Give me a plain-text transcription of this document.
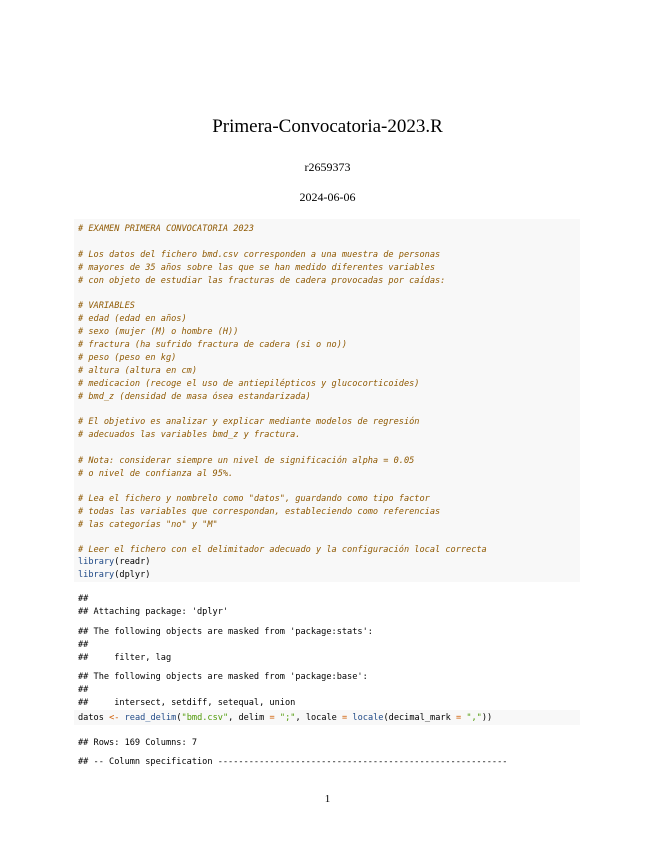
Primera-Convocatoria-2023.R
r2659373
2024-06-06
# EXAMEN PRIMERA CONVOCATORIA 2023
# Los datos del fichero bmd.csv corresponden a una muestra de personas
# mayores de 35 años sobre las que se han medido diferentes variables
# con objeto de estudiar las fracturas de cadera provocadas por caídas:
# VARIABLES
# edad (edad en años)
# sexo (mujer (M) o hombre (H))
# fractura (ha sufrido fractura de cadera (si o no))
# peso (peso en kg)
# altura (altura en cm)
# medicacion (recoge el uso de antiepilépticos y glucocorticoides)
# bmd_z (densidad de masa ósea estandarizada)
# El objetivo es analizar y explicar mediante modelos de regresión
# adecuados las variables bmd_z y fractura.
# Nota: considerar siempre un nivel de significación alpha = 0.05
# o nivel de confianza al 95%.
# Lea el fichero y nombrelo como "datos", guardando como tipo factor
# todas las variables que correspondan, estableciendo como referencias
# las categorías "no" y "M"
# Leer el fichero con el delimitador adecuado y la configuración local correcta
library(readr)
library(dplyr)
##
## Attaching package: 'dplyr'
## The following objects are masked from 'package:stats':
##
##     filter, lag
## The following objects are masked from 'package:base':
##
##     intersect, setdiff, setequal, union
datos <- read_delim("bmd.csv", delim = ";", locale = locale(decimal_mark = ","))
## Rows: 169 Columns: 7
## -- Column specification --------------------------------------------------------
1
